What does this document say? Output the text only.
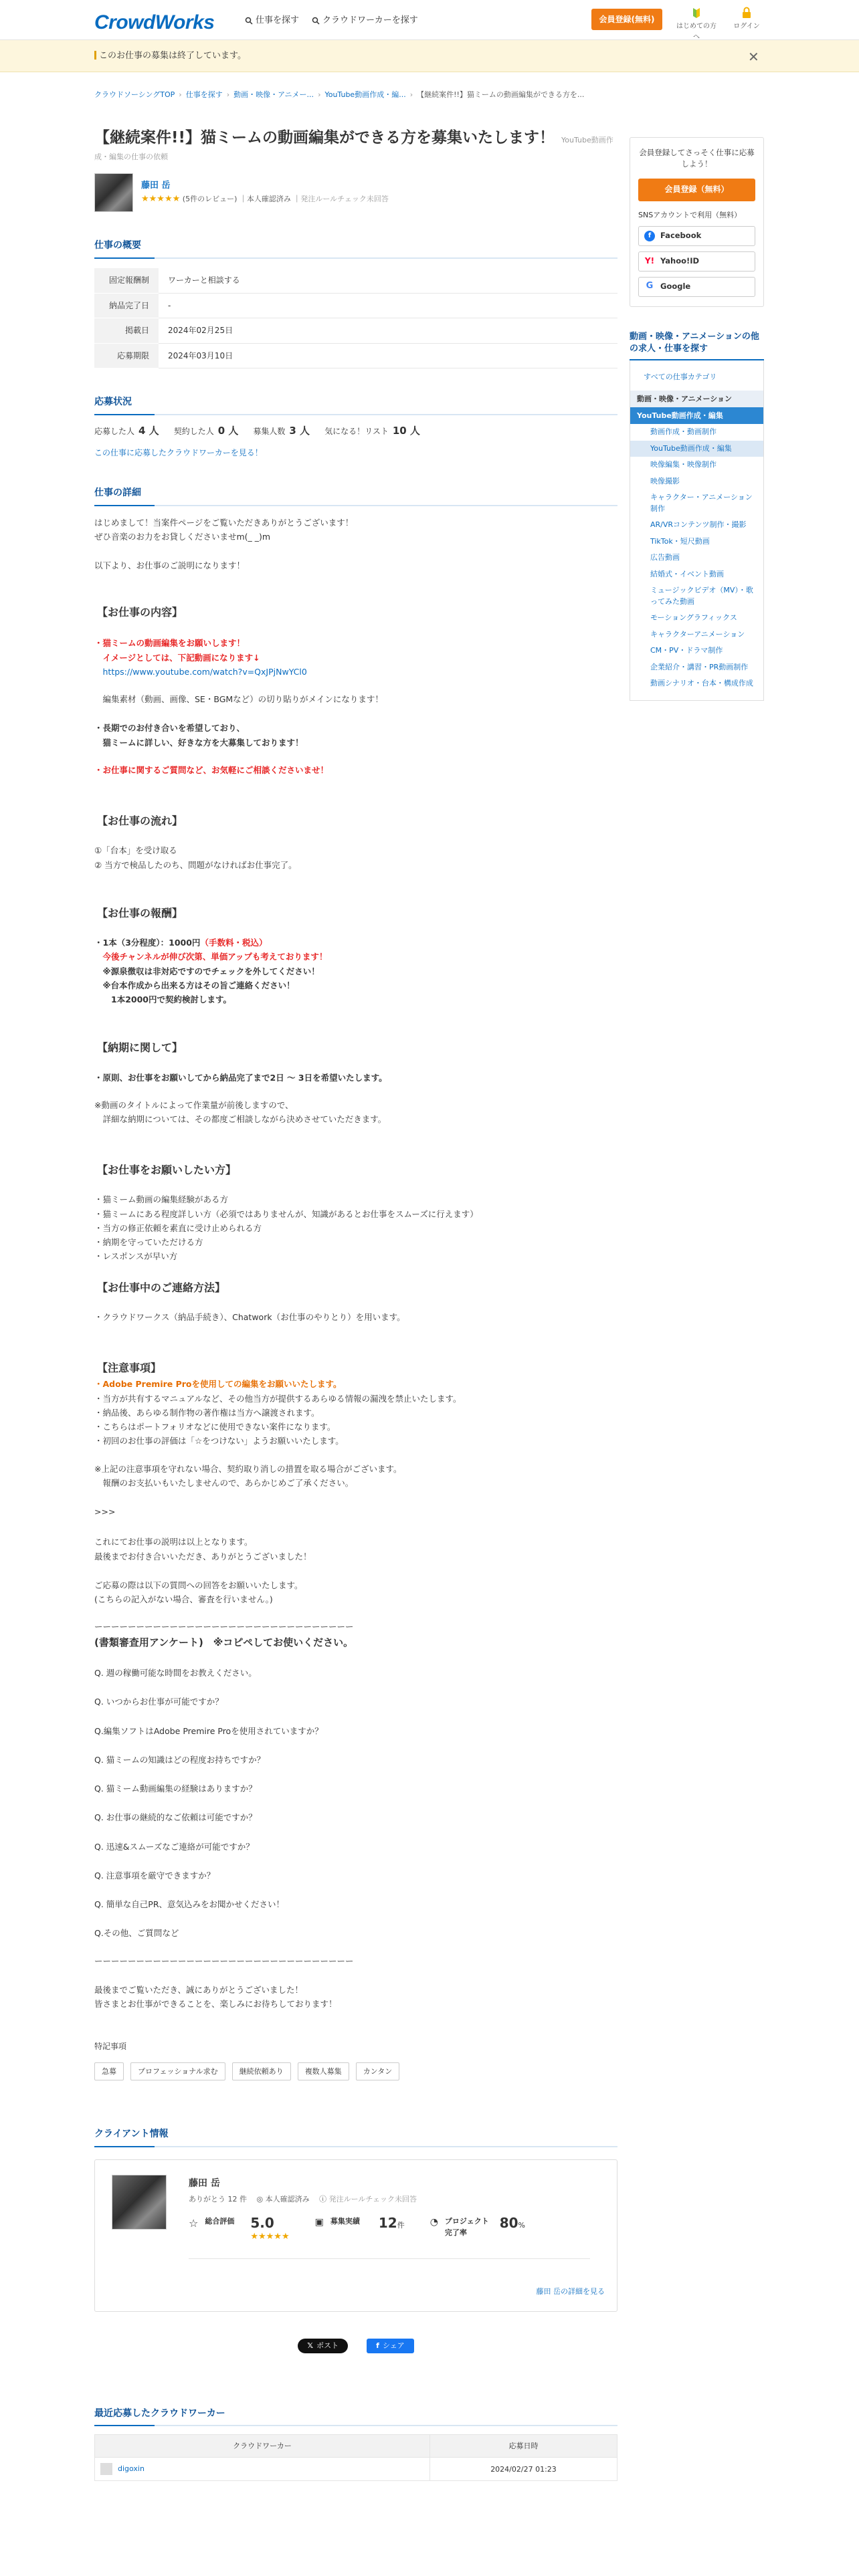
CrowdWorks	仕事を探す	クラウドワーカーを探す	会員登録(無料)
はじめての方へ
ログイン
このお仕事の募集は終了しています。	✕
クラウドソーシングTOP › 仕事を探す › 動画・映像・アニメー... › YouTube動画作成・編... › 【継続案件!!】猫ミームの動画編集ができる方を...
【継続案件!!】猫ミームの動画編集ができる方を募集いたします！ YouTube動画作
成・編集の仕事の依頼
藤田 岳
★★★★★ (5件のレビュー) ｜本人確認済み ｜発注ルールチェック未回答
仕事の概要
固定報酬制	ワーカーと相談する
納品完了日	-
掲載日	2024年02月25日
応募期限	2024年03月10日
応募状況
応募した人 4 人 契約した人 0 人 募集人数 3 人 気になる！リスト 10 人
この仕事に応募したクラウドワーカーを見る！
仕事の詳細

はじめまして！当案件ページをご覧いただきありがとうございます！

ぜひ音楽のお力をお貸しくださいませm(_ _)m

以下より、お仕事のご説明になります！

【お仕事の内容】

・猫ミームの動画編集をお願いします！

　イメージとしては、下記動画になります↓

　https://www.youtube.com/watch?v=QxJPjNwYCl0

　編集素材（動画、画像、SE・BGMなど）の切り貼りがメインになります！

・長期でのお付き合いを希望しており、

　猫ミームに詳しい、好きな方を大募集しております！

・お仕事に関するご質問など、お気軽にご相談くださいませ！

【お仕事の流れ】

①「台本」を受け取る

② 当方で検品したのち、問題がなければお仕事完了。

【お仕事の報酬】

・1本（3分程度）：1000円（手数料・税込）

　今後チャンネルが伸び次第、単価アップも考えております！

　※源泉徴収は非対応ですのでチェックを外してください！

　※台本作成から出来る方はその旨ご連絡ください！

　　1本2000円で契約検討します。

【納期に関して】

・原則、お仕事をお願いしてから納品完了まで2日 〜 3日を希望いたします。

※動画のタイトルによって作業量が前後しますので、

　詳細な納期については、その都度ご相談しながら決めさせていただきます。

【お仕事をお願いしたい方】

・猫ミーム動画の編集経験がある方

・猫ミームにある程度詳しい方（必須ではありませんが、知識があるとお仕事をスムーズに行えます）

・当方の修正依頼を素直に受け止められる方

・納期を守っていただける方

・レスポンスが早い方

【お仕事中のご連絡方法】

・クラウドワークス（納品手続き）、Chatwork（お仕事のやりとり）を用います。

【注意事項】

・Adobe Premire Proを使用しての編集をお願いいたします。

・当方が共有するマニュアルなど、その他当方が提供するあらゆる情報の漏洩を禁止いたします。

・納品後、あらゆる制作物の著作権は当方へ譲渡されます。

・こちらはポートフォリオなどに使用できない案件になります。

・初回のお仕事の評価は「☆をつけない」ようお願いいたします。

※上記の注意事項を守れない場合、契約取り消しの措置を取る場合がございます。

　報酬のお支払いもいたしませんので、あらかじめご了承ください。

>>>

これにてお仕事の説明は以上となります。

最後までお付き合いいただき、ありがとうございました！

ご応募の際は以下の質問への回答をお願いいたします。

(こちらの記入がない場合、審査を行いません。)

ーーーーーーーーーーーーーーーーーーーーーーーーーーーーーーー

(書類審査用アンケート)　※コピペしてお使いください。

Q. 週の稼働可能な時間をお教えください。

Q. いつからお仕事が可能ですか？

Q.編集ソフトはAdobe Premire Proを使用されていますか？

Q. 猫ミームの知識はどの程度お持ちですか？

Q. 猫ミーム動画編集の経験はありますか？

Q. お仕事の継続的なご依頼は可能ですか？

Q. 迅速&スムーズなご連絡が可能ですか？

Q. 注意事項を厳守できますか？

Q. 簡単な自己PR、意気込みをお聞かせください！

Q.その他、ご質問など

ーーーーーーーーーーーーーーーーーーーーーーーーーーーーーーー

最後までご覧いただき、誠にありがとうございました！

皆さまとお仕事ができることを、楽しみにお待ちしております！

特記事項
急募	プロフェッショナル求む	継続依頼あり	複数人募集	カンタン
クライアント情報
藤田 岳
ありがとう 12 件 　◎ 本人確認済み 　ⓘ 発注ルールチェック未回答
☆ 総合評価 5.0
★★★★★
▣ 募集実績 12件	◔ プロジェクト
完了率
80%
藤田 岳の詳細を見る
𝕏 ポスト	f シェア
最近応募したクラウドワーカー
クラウドワーカー	応募日時
digoxin	2024/02/27 01:23
会員登録してさっそく仕事に応募しよう！
会員登録（無料）
SNSアカウントで利用（無料）
f	Facebook
Y! Yahoo!ID
G Google
動画・映像・アニメーションの他の求人・仕事を探す
すべての仕事カテゴリ
動画・映像・アニメーション
YouTube動画作成・編集
動画作成・動画制作
YouTube動画作成・編集
映像編集・映像制作
映像撮影
キャラクター・アニメーション制作
AR/VRコンテンツ制作・撮影
TikTok・短尺動画
広告動画
結婚式・イベント動画
ミュージックビデオ（MV）・歌ってみた動画
モーショングラフィックス
キャラクターアニメーション
CM・PV・ドラマ制作
企業紹介・講習・PR動画制作
動画シナリオ・台本・構成作成
